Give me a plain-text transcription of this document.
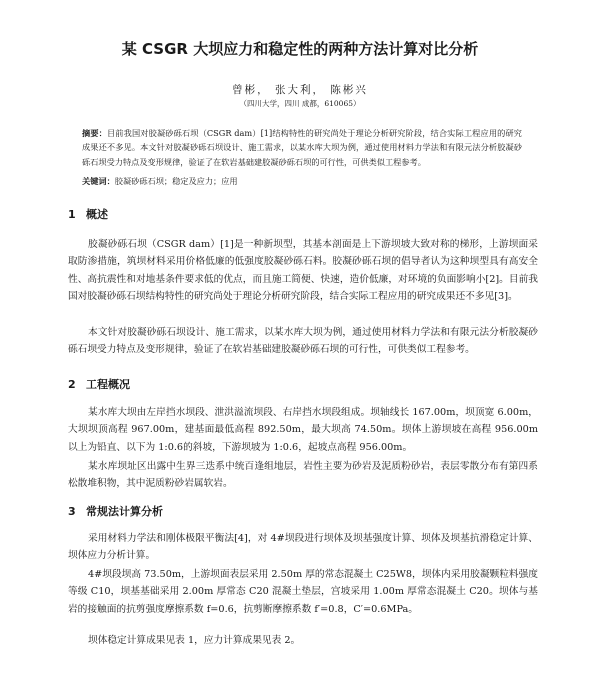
某 CSGR 大坝应力和稳定性的两种方法计算对比分析
曾彬， 张大利， 陈彬兴
（四川大学，四川 成都，610065）
摘要：目前我国对胶凝砂砾石坝（CSGR dam）[1]结构特性的研究尚处于理论分析研究阶段，结合实际工程应用的研究成果还不多见。本文针对胶凝砂砾石坝设计、施工需求，以某水库大坝为例，通过使用材料力学法和有限元法分析胶凝砂砾石坝受力特点及变形规律，验证了在软岩基础建胶凝砂砾石坝的可行性，可供类似工程参考。
关键词：胶凝砂砾石坝；稳定及应力；应用
1 概述

胶凝砂砾石坝（CSGR dam）[1]是一种新坝型，其基本剖面是上下游坝坡大致对称的梯形，上游坝面采取防渗措施，筑坝材料采用价格低廉的低强度胶凝砂砾石料。胶凝砂砾石坝的倡导者认为这种坝型具有高安全性、高抗震性和对地基条件要求低的优点，而且施工简便、快速，造价低廉，对环境的负面影响小[2]。目前我国对胶凝砂砾石坝结构特性的研究尚处于理论分析研究阶段，结合实际工程应用的研究成果还不多见[3]。

本文针对胶凝砂砾石坝设计、施工需求，以某水库大坝为例，通过使用材料力学法和有限元法分析胶凝砂砾石坝受力特点及变形规律，验证了在软岩基础建胶凝砂砾石坝的可行性，可供类似工程参考。

2 工程概况

某水库大坝由左岸挡水坝段、泄洪溢流坝段、右岸挡水坝段组成。坝轴线长 167.00m，坝顶宽 6.00m，大坝坝顶高程 967.00m，建基面最低高程 892.50m，最大坝高 74.50m。坝体上游坝坡在高程 956.00m 以上为铅直、以下为 1:0.6的斜坡，下游坝坡为 1:0.6，起坡点高程 956.00m。

某水库坝址区出露中生界三迭系中统百逢组地层，岩性主要为砂岩及泥质粉砂岩，表层零散分布有第四系松散堆积物，其中泥质粉砂岩属软岩。

3 常规法计算分析

采用材料力学法和刚体极限平衡法[4]，对 4#坝段进行坝体及坝基强度计算、坝体及坝基抗滑稳定计算、坝体应力分析计算。

4#坝段坝高 73.50m，上游坝面表层采用 2.50m 厚的常态混凝土 C25W8，坝体内采用胶凝颗粒料强度等级 C10，坝基基础采用 2.00m 厚常态 C20 混凝土垫层，宫坡采用 1.00m 厚常态混凝土 C20。坝体与基岩的接触面的抗剪强度摩擦系数 f=0.6，抗剪断摩擦系数 f′=0.8，C′=0.6MPa。

坝体稳定计算成果见表 1，应力计算成果见表 2。
